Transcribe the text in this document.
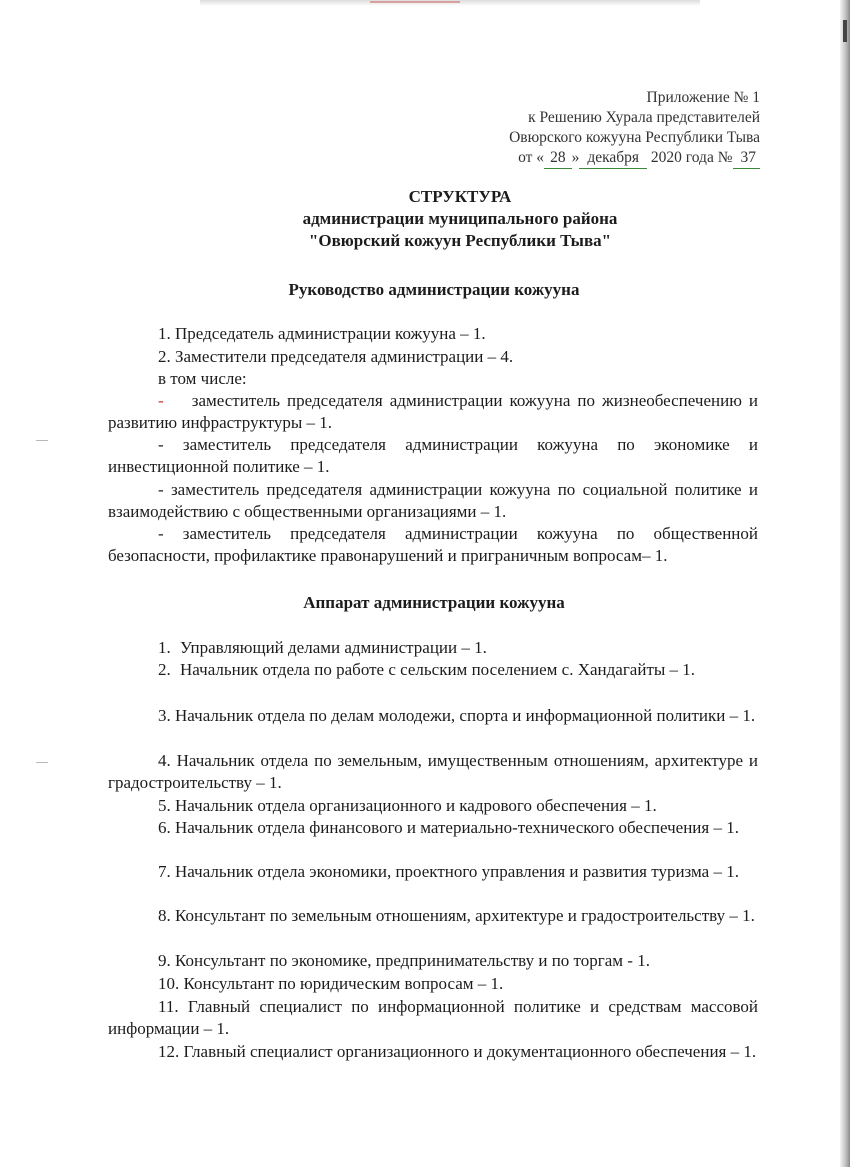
Приложение № 1
к Решению Хурала представителей
Овюрского кожууна Республики Тыва
от « 28 » декабря 2020 года № 37
СТРУКТУРА
администрации муниципального района
"Овюрский кожуун Республики Тыва"
Руководство администрации кожууна
1. Председатель администрации кожууна – 1.
2. Заместители председателя администрации – 4.
в том числе:
- заместитель председателя администрации кожууна по жизнеобеспечению и развитию инфраструктуры – 1.
- заместитель председателя администрации кожууна по экономике и инвестиционной политике – 1.
- заместитель председателя администрации кожууна по социальной политике и взаимодействию с общественными организациями – 1.
- заместитель председателя администрации кожууна по общественной безопасности, профилактике правонарушений и приграничным вопросам– 1.
Аппарат администрации кожууна
1. Управляющий делами администрации – 1.
2. Начальник отдела по работе с сельским поселением с. Хандагайты – 1.
3. Начальник отдела по делам молодежи, спорта и информационной политики – 1.
4. Начальник отдела по земельным, имущественным отношениям, архитектуре и градостроительству – 1.
5. Начальник отдела организационного и кадрового обеспечения – 1.
6. Начальник отдела финансового и материально-технического обеспечения – 1.
7. Начальник отдела экономики, проектного управления и развития туризма – 1.
8. Консультант по земельным отношениям, архитектуре и градостроительству – 1.
9. Консультант по экономике, предпринимательству и по торгам - 1.
10. Консультант по юридическим вопросам – 1.
11. Главный специалист по информационной политике и средствам массовой информации – 1.
12. Главный специалист организационного и документационного обеспечения – 1.
